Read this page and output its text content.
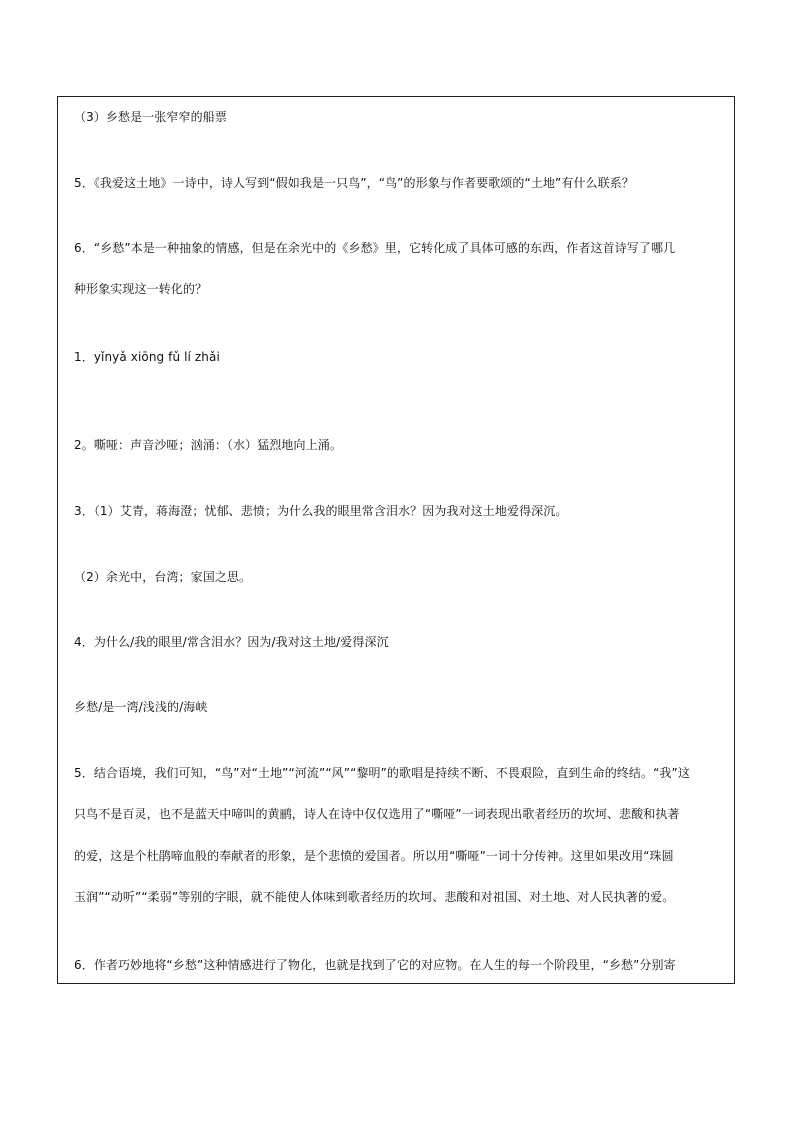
（3）乡愁是一张窄窄的船票
5．《我爱这土地》一诗中，诗人写到“假如我是一只鸟”，“鸟”的形象与作者要歌颂的“土地”有什么联系？
6．“乡愁”本是一种抽象的情感，但是在余光中的《乡愁》里，它转化成了具体可感的东西，作者这首诗写了哪几
种形象实现这一转化的？
1．yǐnyǎ xiōng fǔ lí zhǎi
2。嘶哑：声音沙哑；汹涌：（水）猛烈地向上涌。
3．（1）艾青，蒋海澄；忧郁、悲愤；为什么我的眼里常含泪水？因为我对这土地爱得深沉。
（2）余光中，台湾；家国之思。
4．为什么/我的眼里/常含泪水？因为/我对这土地/爱得深沉
乡愁/是一湾/浅浅的/海峡
5．结合语境，我们可知，“鸟”对“土地”“河流”“风”“黎明”的歌唱是持续不断、不畏艰险，直到生命的终结。“我”这
只鸟不是百灵，也不是蓝天中啼叫的黄鹂，诗人在诗中仅仅选用了“嘶哑”一词表现出歌者经历的坎坷、悲酸和执著
的爱，这是个杜鹃啼血般的奉献者的形象，是个悲愤的爱国者。所以用“嘶哑”一词十分传神。这里如果改用“珠圆
玉润”“动听”“柔弱”等别的字眼，就不能使人体味到歌者经历的坎坷、悲酸和对祖国、对土地、对人民执著的爱。
6．作者巧妙地将“乡愁”这种情感进行了物化，也就是找到了它的对应物。在人生的每一个阶段里，“乡愁”分别寄
